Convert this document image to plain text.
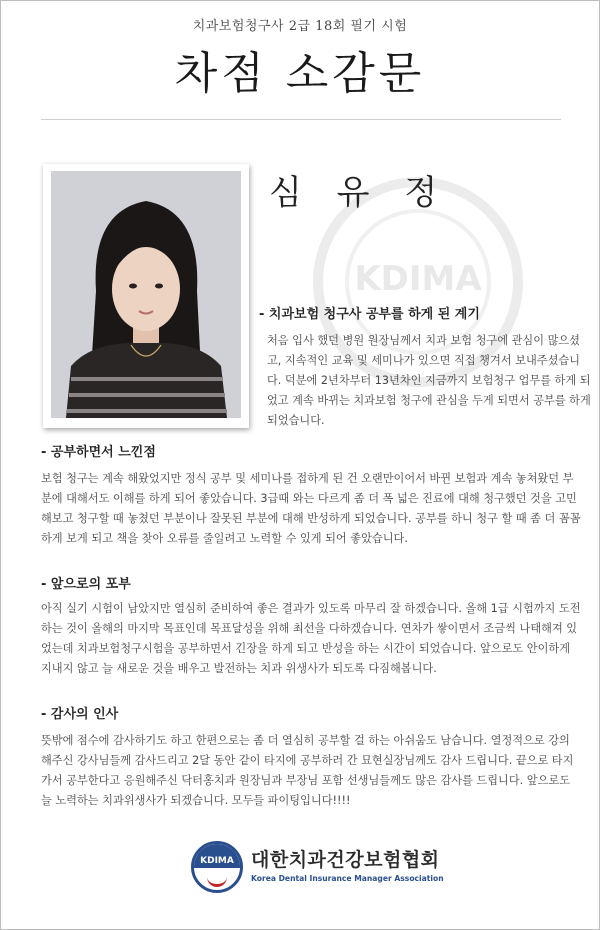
치과보험청구사 2급 18회 필기 시험
차점 소감문
KDIMA
심 유 정
- 치과보험 청구사 공부를 하게 된 계기

처음 입사 했던 병원 원장님께서 치과 보험 청구에 관심이 많으셨고, 지속적인 교육 및 세미나가 있으면 직접 챙겨서 보내주셨습니다. 덕분에 2년차부터 13년차인 지금까지 보험청구 업무를 하게 되었고 계속 바뀌는 치과보험 청구에 관심을 두게 되면서 공부를 하게 되었습니다.

- 공부하면서 느낀점

보험 청구는 계속 해왔었지만 정식 공부 및 세미나를 접하게 된 건 오랜만이어서 바뀐 보험과 계속 놓쳐왔던 부분에 대해서도 이해를 하게 되어 좋았습니다. 3급때 와는 다르게 좀 더 폭 넓은 진료에 대해 청구했던 것을 고민해보고 청구할 때 놓쳤던 부분이나 잘못된 부분에 대해 반성하게 되었습니다. 공부를 하니 청구 할 때 좀 더 꼼꼼하게 보게 되고 책을 찾아 오류를 줄일려고 노력할 수 있게 되어 좋았습니다.

- 앞으로의 포부

아직 실기 시험이 남았지만 열심히 준비하여 좋은 결과가 있도록 마무리 잘 하겠습니다. 올해 1급 시험까지 도전하는 것이 올해의 마지막 목표인데 목표달성을 위해 최선을 다하겠습니다. 연차가 쌓이면서 조금씩 나태해져 있었는데 치과보험청구시험을 공부하면서 긴장을 하게 되고 반성을 하는 시간이 되었습니다. 앞으로도 안이하게 지내지 않고 늘 새로운 것을 배우고 발전하는 치과 위생사가 되도록 다짐해봅니다.

- 감사의 인사

뜻밖에 점수에 감사하기도 하고 한편으로는 좀 더 열심히 공부할 걸 하는 아쉬움도 남습니다. 열정적으로 강의 해주신 강사님들께 감사드리고 2달 동안 같이 타지에 공부하러 간 묘현실장님께도 감사 드립니다. 끝으로 타지가서 공부한다고 응원해주신 닥터홍치과 원장님과 부장님 포함 선생님들께도 많은 감사를 드립니다. 앞으로도 늘 노력하는 치과위생사가 되겠습니다. 모두들 파이팅입니다!!!!

KDIMA 대한치과건강보험협회
Korea Dental Insurance Manager Association
